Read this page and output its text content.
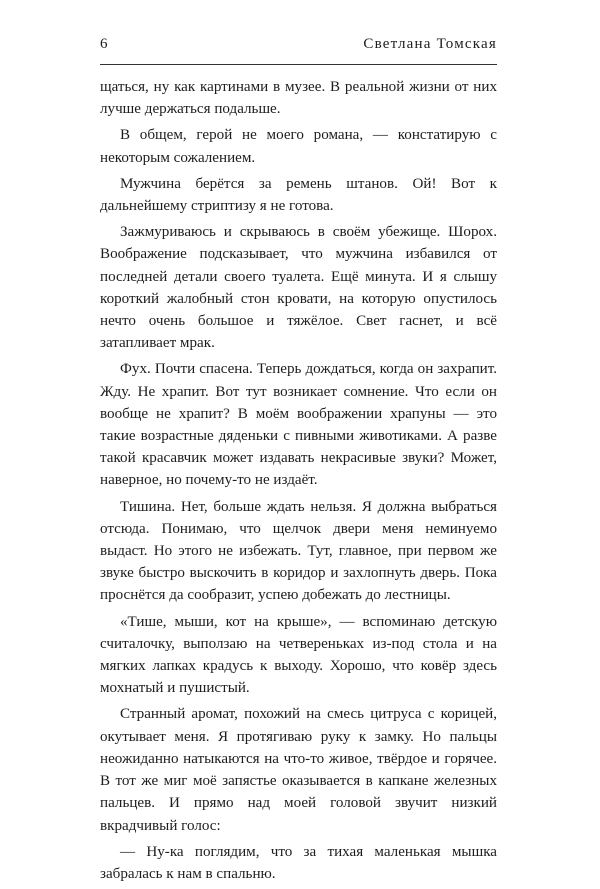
6	Светлана Томская

щаться, ну как картинами в музее. В реальной жизни от них лучше держаться подальше.

В общем, герой не моего романа, — констатирую с некоторым сожалением.

Мужчина берётся за ремень штанов. Ой! Вот к дальнейшему стриптизу я не готова.

Зажмуриваюсь и скрываюсь в своём убежище. Шорох. Воображение подсказывает, что мужчина избавился от последней детали своего туалета. Ещё минута. И я слышу короткий жалобный стон кровати, на которую опустилось нечто очень большое и тяжёлое. Свет гаснет, и всё затапливает мрак.

Фух. Почти спасена. Теперь дождаться, когда он захрапит. Жду. Не храпит. Вот тут возникает сомнение. Что если он вообще не храпит? В моём воображении храпуны — это такие возрастные дяденьки с пивными животиками. А разве такой красавчик может издавать некрасивые звуки? Может, наверное, но почему-то не издаёт.

Тишина. Нет, больше ждать нельзя. Я должна выбраться отсюда. Понимаю, что щелчок двери меня неминуемо выдаст. Но этого не избежать. Тут, главное, при первом же звуке быстро выскочить в коридор и захлопнуть дверь. Пока проснётся да сообразит, успею добежать до лестницы.

«Тише, мыши, кот на крыше», — вспоминаю детскую считалочку, выползаю на четвереньках из-под стола и на мягких лапках крадусь к выходу. Хорошо, что ковёр здесь мохнатый и пушистый.

Странный аромат, похожий на смесь цитруса с корицей, окутывает меня. Я протягиваю руку к замку. Но пальцы неожиданно натыкаются на что-то живое, твёрдое и горячее. В тот же миг моё запястье оказывается в капкане железных пальцев. И прямо над моей головой звучит низкий вкрадчивый голос:

— Ну-ка поглядим, что за тихая маленькая мышка забралась к нам в спальню.
